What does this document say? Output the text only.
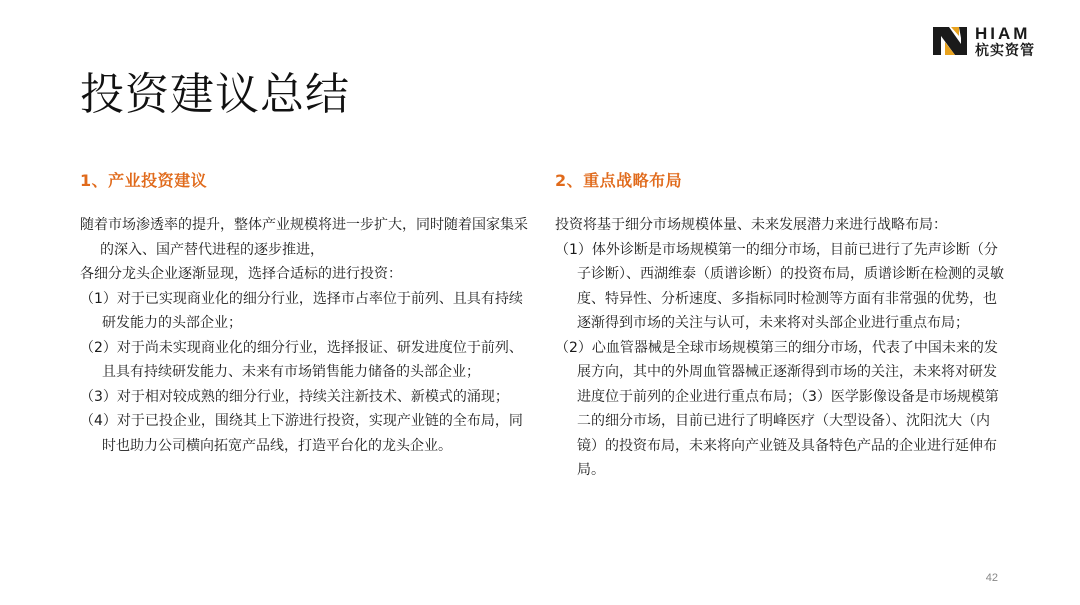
HIAM
杭实资管
投资建议总结
1、产业投资建议

随着市场渗透率的提升，整体产业规模将进一步扩大，同时随着国家集采的深入、国产替代进程的逐步推进，

各细分龙头企业逐渐显现，选择合适标的进行投资：

（1）对于已实现商业化的细分行业，选择市占率位于前列、且具有持续研发能力的头部企业；

（2）对于尚未实现商业化的细分行业，选择报证、研发进度位于前列、且具有持续研发能力、未来有市场销售能力储备的头部企业；

（3）对于相对较成熟的细分行业，持续关注新技术、新模式的涌现；

（4）对于已投企业，围绕其上下游进行投资，实现产业链的全布局，同时也助力公司横向拓宽产品线，打造平台化的龙头企业。

2、重点战略布局

投资将基于细分市场规模体量、未来发展潜力来进行战略布局：

（1）体外诊断是市场规模第一的细分市场，目前已进行了先声诊断（分子诊断）、西湖维泰（质谱诊断）的投资布局，质谱诊断在检测的灵敏度、特异性、分析速度、多指标同时检测等方面有非常强的优势，也逐渐得到市场的关注与认可，未来将对头部企业进行重点布局；

（2）心血管器械是全球市场规模第三的细分市场，代表了中国未来的发展方向，其中的外周血管器械正逐渐得到市场的关注，未来将对研发进度位于前列的企业进行重点布局；（3）医学影像设备是市场规模第二的细分市场，目前已进行了明峰医疗（大型设备）、沈阳沈大（内镜）的投资布局，未来将向产业链及具备特色产品的企业进行延伸布局。

42
